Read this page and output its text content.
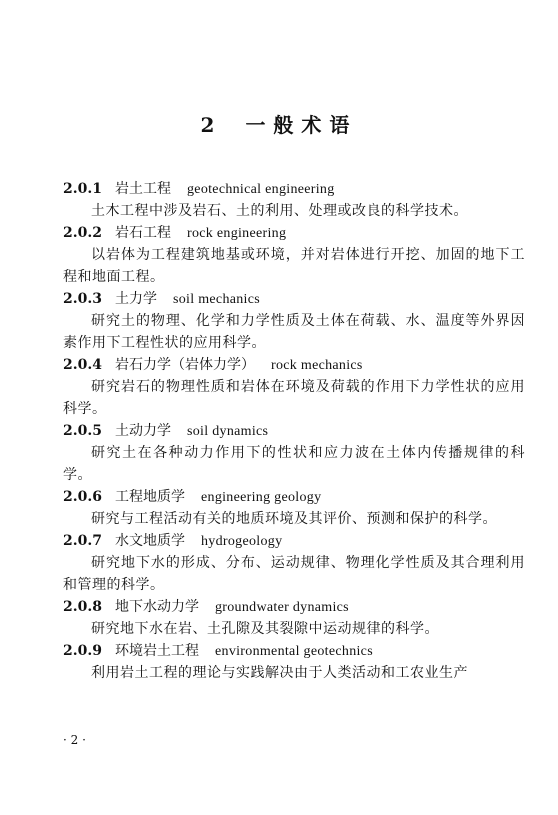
2 一般术语
2.0.1 岩土工程 geotechnical engineering
土木工程中涉及岩石、土的利用、处理或改良的科学技术。
2.0.2 岩石工程 rock engineering
以岩体为工程建筑地基或环境，并对岩体进行开挖、加固的地下工程和地面工程。
2.0.3 土力学 soil mechanics
研究土的物理、化学和力学性质及土体在荷载、水、温度等外界因素作用下工程性状的应用科学。
2.0.4 岩石力学（岩体力学） rock mechanics
研究岩石的物理性质和岩体在环境及荷载的作用下力学性状的应用科学。
2.0.5 土动力学 soil dynamics
研究土在各种动力作用下的性状和应力波在土体内传播规律的科学。
2.0.6 工程地质学 engineering geology
研究与工程活动有关的地质环境及其评价、预测和保护的科学。
2.0.7 水文地质学 hydrogeology
研究地下水的形成、分布、运动规律、物理化学性质及其合理利用和管理的科学。
2.0.8 地下水动力学 groundwater dynamics
研究地下水在岩、土孔隙及其裂隙中运动规律的科学。
2.0.9 环境岩土工程 environmental geotechnics
利用岩土工程的理论与实践解决由于人类活动和工农业生产
· 2 ·
